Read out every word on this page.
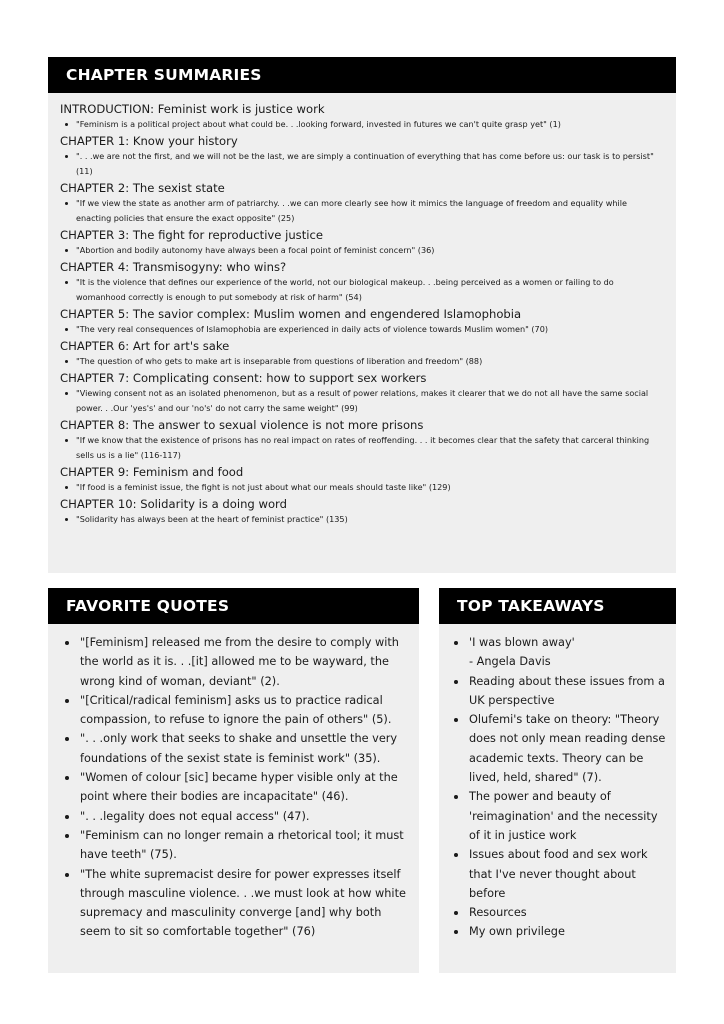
CHAPTER SUMMARIES
INTRODUCTION: Feminist work is justice work
"Feminism is a political project about what could be. . .looking forward, invested in futures we can't quite grasp yet" (1)
CHAPTER 1: Know your history
". . .we are not the first, and we will not be the last, we are simply a continuation of everything that has come before us: our task is to persist" (11)
CHAPTER 2: The sexist state
"If we view the state as another arm of patriarchy. . .we can more clearly see how it mimics the language of freedom and equality while enacting policies that ensure the exact opposite" (25)
CHAPTER 3: The fight for reproductive justice
"Abortion and bodily autonomy have always been a focal point of feminist concern" (36)
CHAPTER 4: Transmisogyny: who wins?
"It is the violence that defines our experience of the world, not our biological makeup. . .being perceived as a women or failing to do womanhood correctly is enough to put somebody at risk of harm" (54)
CHAPTER 5: The savior complex: Muslim women and engendered Islamophobia
"The very real consequences of Islamophobia are experienced in daily acts of violence towards Muslim women" (70)
CHAPTER 6: Art for art's sake
"The question of who gets to make art is inseparable from questions of liberation and freedom" (88)
CHAPTER 7: Complicating consent: how to support sex workers
"Viewing consent not as an isolated phenomenon, but as a result of power relations, makes it clearer that we do not all have the same social power. . .Our 'yes's' and our 'no's' do not carry the same weight" (99)
CHAPTER 8: The answer to sexual violence is not more prisons
"If we know that the existence of prisons has no real impact on rates of reoffending. . . it becomes clear that the safety that carceral thinking sells us is a lie" (116-117)
CHAPTER 9: Feminism and food
"If food is a feminist issue, the fight is not just about what our meals should taste like" (129)
CHAPTER 10: Solidarity is a doing word
"Solidarity has always been at the heart of feminist practice" (135)
FAVORITE QUOTES
"[Feminism] released me from the desire to comply with the world as it is. . .[it] allowed me to be wayward, the wrong kind of woman, deviant" (2).
"[Critical/radical feminism] asks us to practice radical compassion, to refuse to ignore the pain of others" (5).
". . .only work that seeks to shake and unsettle the very foundations of the sexist state is feminist work" (35).
"Women of colour [sic] became hyper visible only at the point where their bodies are incapacitate" (46).
". . .legality does not equal access" (47).
"Feminism can no longer remain a rhetorical tool; it must have teeth" (75).
"The white supremacist desire for power expresses itself through masculine violence. . .we must look at how white supremacy and masculinity converge [and] why both seem to sit so comfortable together" (76)
TOP TAKEAWAYS
'I was blown away'
- Angela Davis
Reading about these issues from a UK perspective
Olufemi's take on theory: "Theory does not only mean reading dense academic texts. Theory can be lived, held, shared" (7).
The power and beauty of 'reimagination' and the necessity of it in justice work
Issues about food and sex work that I've never thought about before
Resources
My own privilege
